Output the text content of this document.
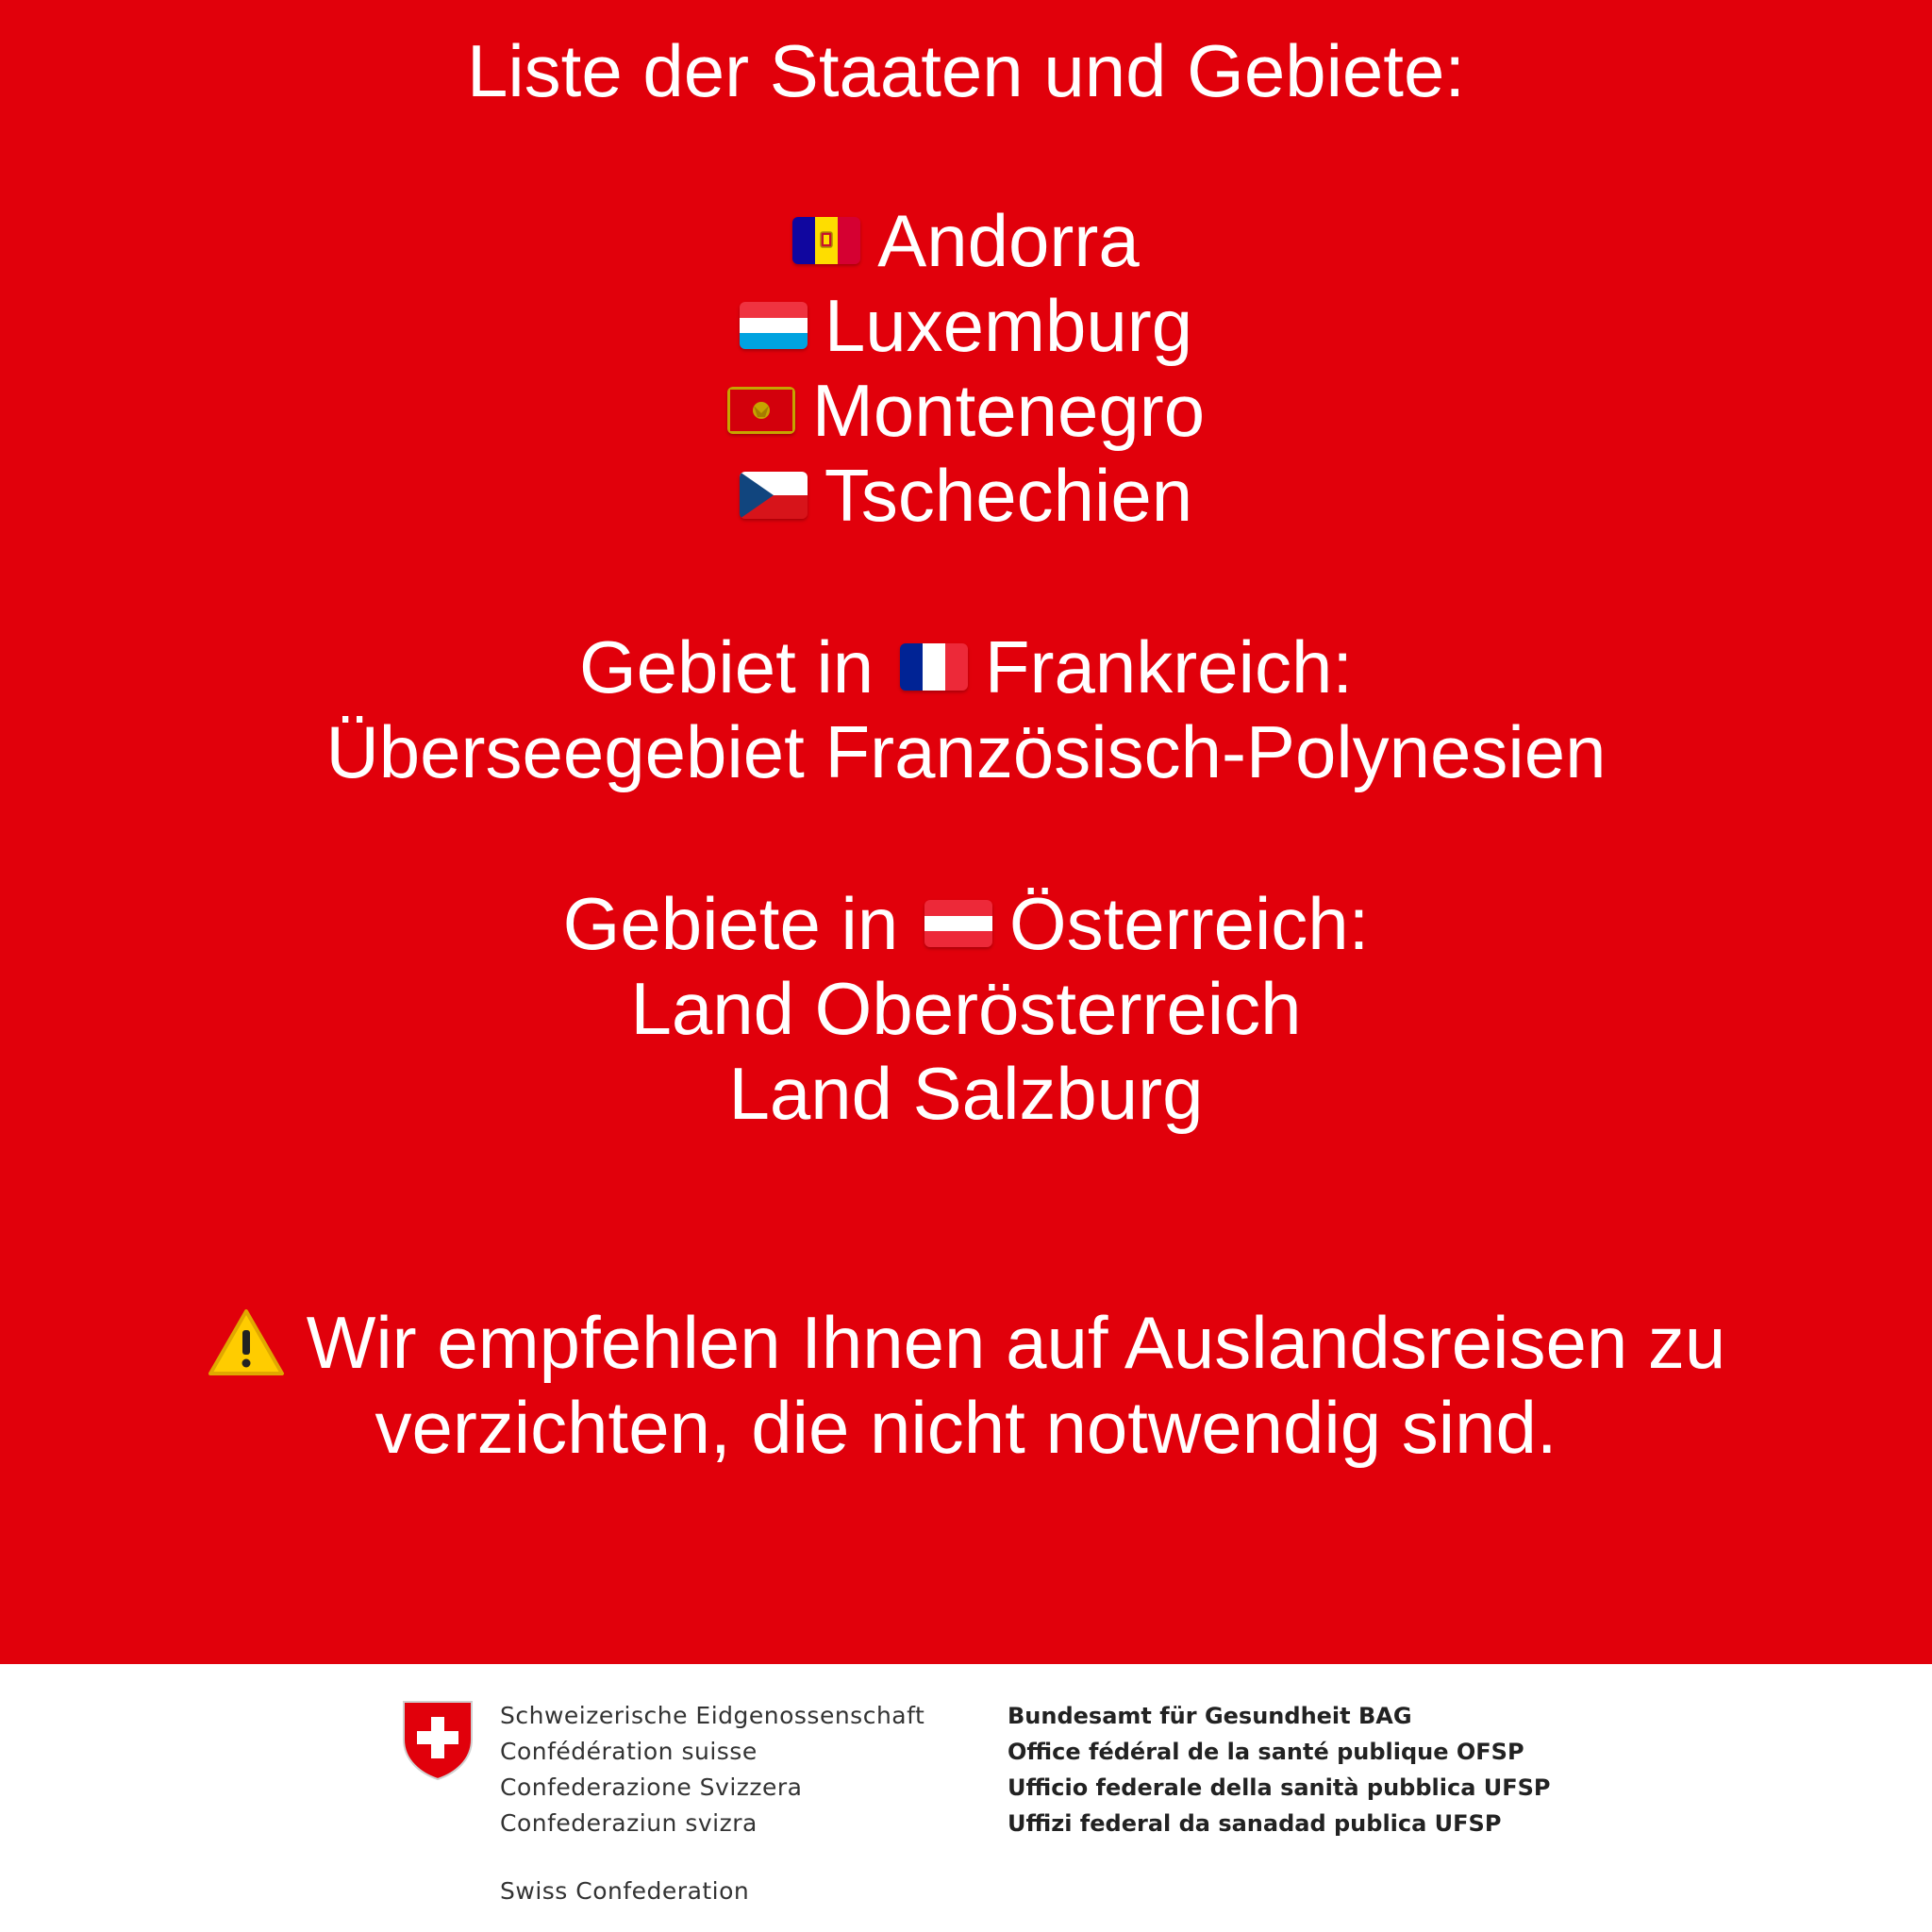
Liste der Staaten und Gebiete:
Andorra
Luxemburg
Montenegro
Tschechien
Gebiet in Frankreich:
Überseegebiet Französisch-Polynesien
Gebiete in Österreich:
Land Oberösterreich
Land Salzburg
Wir empfehlen Ihnen auf Auslandsreisen zu
verzichten, die nicht notwendig sind.
Schweizerische Eidgenossenschaft
Confédération suisse
Confederazione Svizzera
Confederaziun svizra
Bundesamt für Gesundheit BAG
Office fédéral de la santé publique OFSP
Ufficio federale della sanità pubblica UFSP
Uffizi federal da sanadad publica UFSP
Swiss Confederation
